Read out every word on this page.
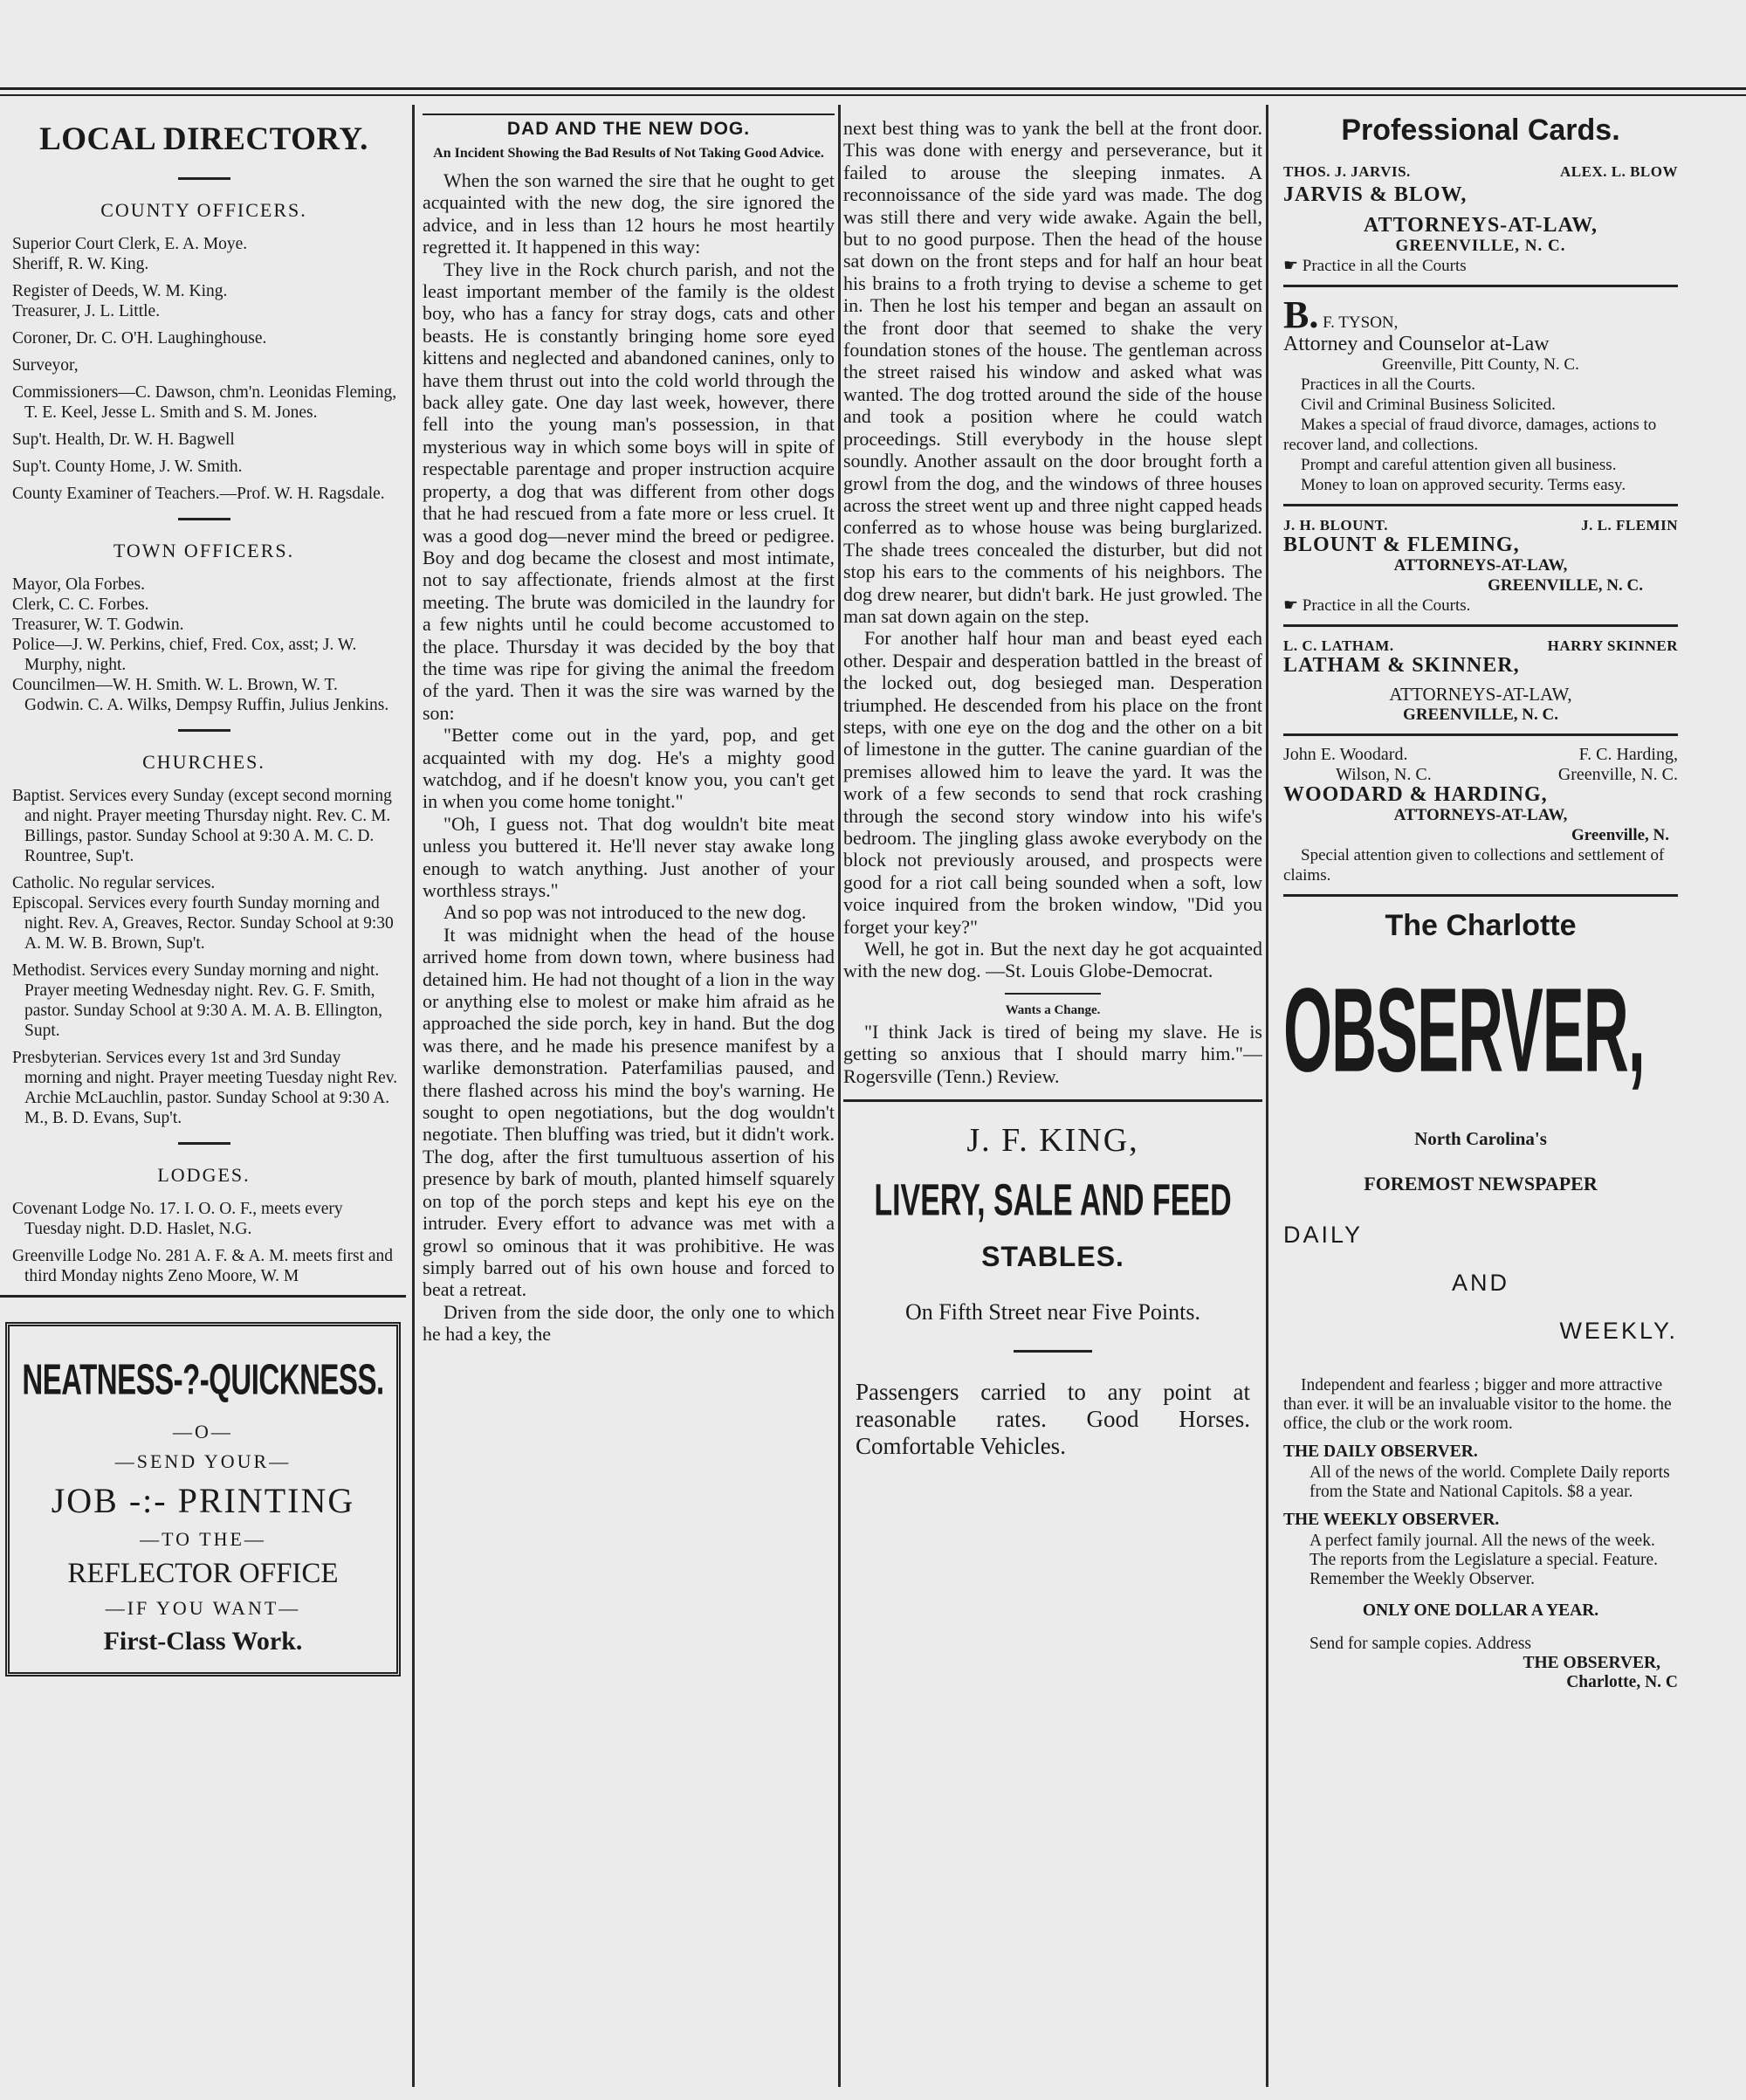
LOCAL DIRECTORY.
COUNTY OFFICERS.

Superior Court Clerk, E. A. Moye.

Sheriff, R. W. King.

Register of Deeds, W. M. King.

Treasurer, J. L. Little.

Coroner, Dr. C. O'H. Laughinghouse.

Surveyor,

Commissioners—C. Dawson, chm'n. Leonidas Fleming, T. E. Keel, Jesse L. Smith and S. M. Jones.

Sup't. Health, Dr. W. H. Bagwell

Sup't. County Home, J. W. Smith.

County Examiner of Teachers.—Prof. W. H. Ragsdale.

TOWN OFFICERS.

Mayor, Ola Forbes.

Clerk, C. C. Forbes.

Treasurer, W. T. Godwin.

Police—J. W. Perkins, chief, Fred. Cox, asst; J. W. Murphy, night.

Councilmen—W. H. Smith. W. L. Brown, W. T. Godwin. C. A. Wilks, Dempsy Ruffin, Julius Jenkins.

CHURCHES.

Baptist. Services every Sunday (except second morning and night. Prayer meeting Thursday night. Rev. C. M. Billings, pastor. Sunday School at 9:30 A. M. C. D. Rountree, Sup't.

Catholic. No regular services.

Episcopal. Services every fourth Sunday morning and night. Rev. A, Greaves, Rector. Sunday School at 9:30 A. M. W. B. Brown, Sup't.

Methodist. Services every Sunday morning and night. Prayer meeting Wednesday night. Rev. G. F. Smith, pastor. Sunday School at 9:30 A. M. A. B. Ellington, Supt.

Presbyterian. Services every 1st and 3rd Sunday morning and night. Prayer meeting Tuesday night Rev. Archie McLauchlin, pastor. Sunday School at 9:30 A. M., B. D. Evans, Sup't.

LODGES.

Covenant Lodge No. 17. I. O. O. F., meets every Tuesday night. D.D. Haslet, N.G.

Greenville Lodge No. 281 A. F. & A. M. meets first and third Monday nights Zeno Moore, W. M

NEATNESS-?-QUICKNESS.
—O—
—SEND YOUR—
JOB -:- PRINTING
—TO THE—
REFLECTOR OFFICE
—IF YOU WANT—
First-Class Work.
DAD AND THE NEW DOG.
An Incident Showing the Bad Results of Not Taking Good Advice.

When the son warned the sire that he ought to get acquainted with the new dog, the sire ignored the advice, and in less than 12 hours he most heartily regretted it. It happened in this way:

They live in the Rock church parish, and not the least important member of the family is the oldest boy, who has a fancy for stray dogs, cats and other beasts. He is constantly bringing home sore eyed kittens and neglected and abandoned canines, only to have them thrust out into the cold world through the back alley gate. One day last week, however, there fell into the young man's possession, in that mysterious way in which some boys will in spite of respectable parentage and proper instruction acquire property, a dog that was different from other dogs that he had rescued from a fate more or less cruel. It was a good dog—never mind the breed or pedigree. Boy and dog became the closest and most intimate, not to say affectionate, friends almost at the first meeting. The brute was domiciled in the laundry for a few nights until he could become accustomed to the place. Thursday it was decided by the boy that the time was ripe for giving the animal the freedom of the yard. Then it was the sire was warned by the son:

"Better come out in the yard, pop, and get acquainted with my dog. He's a mighty good watchdog, and if he doesn't know you, you can't get in when you come home tonight."

"Oh, I guess not. That dog wouldn't bite meat unless you buttered it. He'll never stay awake long enough to watch anything. Just another of your worthless strays."

And so pop was not introduced to the new dog.

It was midnight when the head of the house arrived home from down town, where business had detained him. He had not thought of a lion in the way or anything else to molest or make him afraid as he approached the side porch, key in hand. But the dog was there, and he made his presence manifest by a warlike demonstration. Paterfamilias paused, and there flashed across his mind the boy's warning. He sought to open negotiations, but the dog wouldn't negotiate. Then bluffing was tried, but it didn't work. The dog, after the first tumultuous assertion of his presence by bark of mouth, planted himself squarely on top of the porch steps and kept his eye on the intruder. Every effort to advance was met with a growl so ominous that it was prohibitive. He was simply barred out of his own house and forced to beat a retreat.

Driven from the side door, the only one to which he had a key, the

next best thing was to yank the bell at the front door. This was done with energy and perseverance, but it failed to arouse the sleeping inmates. A reconnoissance of the side yard was made. The dog was still there and very wide awake. Again the bell, but to no good purpose. Then the head of the house sat down on the front steps and for half an hour beat his brains to a froth trying to devise a scheme to get in. Then he lost his temper and began an assault on the front door that seemed to shake the very foundation stones of the house. The gentleman across the street raised his window and asked what was wanted. The dog trotted around the side of the house and took a position where he could watch proceedings. Still everybody in the house slept soundly. Another assault on the door brought forth a growl from the dog, and the windows of three houses across the street went up and three night capped heads conferred as to whose house was being burglarized. The shade trees concealed the disturber, but did not stop his ears to the comments of his neighbors. The dog drew nearer, but didn't bark. He just growled. The man sat down again on the step.

For another half hour man and beast eyed each other. Despair and desperation battled in the breast of the locked out, dog besieged man. Desperation triumphed. He descended from his place on the front steps, with one eye on the dog and the other on a bit of limestone in the gutter. The canine guardian of the premises allowed him to leave the yard. It was the work of a few seconds to send that rock crashing through the second story window into his wife's bedroom. The jingling glass awoke everybody on the block not previously aroused, and prospects were good for a riot call being sounded when a soft, low voice inquired from the broken window, "Did you forget your key?"

Well, he got in. But the next day he got acquainted with the new dog. —St. Louis Globe-Democrat.

Wants a Change.

"I think Jack is tired of being my slave. He is getting so anxious that I should marry him."—Rogersville (Tenn.) Review.

J. F. KING,
LIVERY, SALE AND FEED
STABLES.
On Fifth Street near Five Points.
Passengers carried to any point at reasonable rates. Good Horses. Comfortable Vehicles.
Professional Cards.
THOS. J. JARVIS.	ALEX. L. BLOW
JARVIS & BLOW,
ATTORNEYS-AT-LAW,
GREENVILLE, N. C.
☛ Practice in all the Courts
B. F. TYSON,
Attorney and Counselor at-Law
Greenville, Pitt County, N. C.
Practices in all the Courts.
Civil and Criminal Business Solicited.
Makes a special of fraud divorce, damages, actions to recover land, and collections.
Prompt and careful attention given all business.
Money to loan on approved security. Terms easy.
J. H. BLOUNT.	J. L. FLEMIN
BLOUNT & FLEMING,
ATTORNEYS-AT-LAW,
GREENVILLE, N. C.
☛ Practice in all the Courts.
L. C. LATHAM.	HARRY SKINNER
LATHAM & SKINNER,
ATTORNEYS-AT-LAW,
GREENVILLE, N. C.
John E. Woodard.	F. C. Harding,
Wilson, N. C.	Greenville, N. C.
WOODARD & HARDING,
ATTORNEYS-AT-LAW,
Greenville, N.
Special attention given to collections and settlement of claims.
The Charlotte
OBSERVER,
North Carolina's
FOREMOST NEWSPAPER
DAILY
AND
WEEKLY.

Independent and fearless ; bigger and more attractive than ever. it will be an invaluable visitor to the home. the office, the club or the work room.

THE DAILY OBSERVER.

All of the news of the world. Complete Daily reports from the State and National Capitols. $8 a year.

THE WEEKLY OBSERVER.

A perfect family journal. All the news of the week. The reports from the Legislature a special. Feature. Remember the Weekly Observer.

ONLY ONE DOLLAR A YEAR.

Send for sample copies. Address

THE OBSERVER,
Charlotte, N. C
